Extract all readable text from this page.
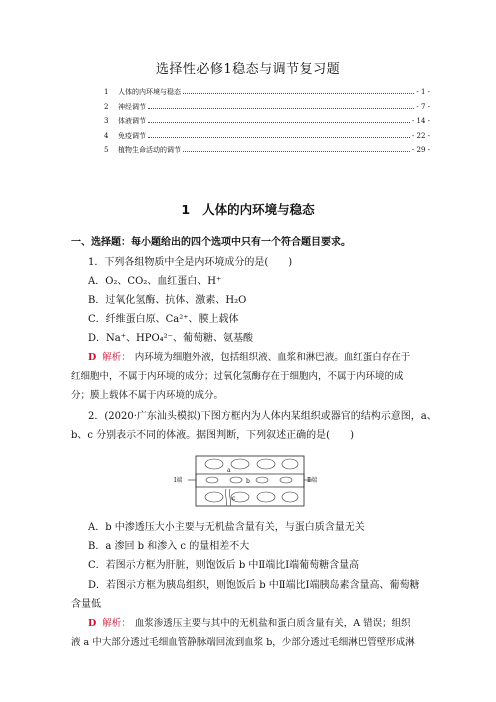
选择性必修1稳态与调节复习题
1	人体的内环境与稳态	- 1 -
2	神经调节	- 7 -
3	体液调节	- 14 -
4	免疫调节	- 22 -
5	植物生命活动的调节	- 29 -
1 人体的内环境与稳态
一、选择题：每小题给出的四个选项中只有一个符合题目要求。
1．下列各组物质中全是内环境成分的是(　　)
A．O₂、CO₂、血红蛋白、H⁺
B．过氧化氢酶、抗体、激素、H₂O
C．纤维蛋白原、Ca²⁺、膜上载体
D．Na⁺、HPO₄²⁻、葡萄糖、氨基酸
D 解析： 内环境为细胞外液，包括组织液、血浆和淋巴液。血红蛋白存在于
红细胞中，不属于内环境的成分；过氧化氢酶存在于细胞内，不属于内环境的成
分；膜上载体不属于内环境的成分。
2．(2020·广东汕头模拟)下图方框内为人体内某组织或器官的结构示意图，a、
b、c 分别表示不同的体液。据图判断，下列叙述正确的是(　　)
Ⅰ端	Ⅱ端
a
b
c
A．b 中渗透压大小主要与无机盐含量有关，与蛋白质含量无关
B．a 渗回 b 和渗入 c 的量相差不大
C．若图示方框为肝脏，则饱饭后 b 中Ⅱ端比Ⅰ端葡萄糖含量高
D．若图示方框为胰岛组织，则饱饭后 b 中Ⅱ端比Ⅰ端胰岛素含量高、葡萄糖
含量低
D 解析： 血浆渗透压主要与其中的无机盐和蛋白质含量有关，A 错误；组织
液 a 中大部分透过毛细血管静脉端回流到血浆 b，少部分透过毛细淋巴管壁形成淋
